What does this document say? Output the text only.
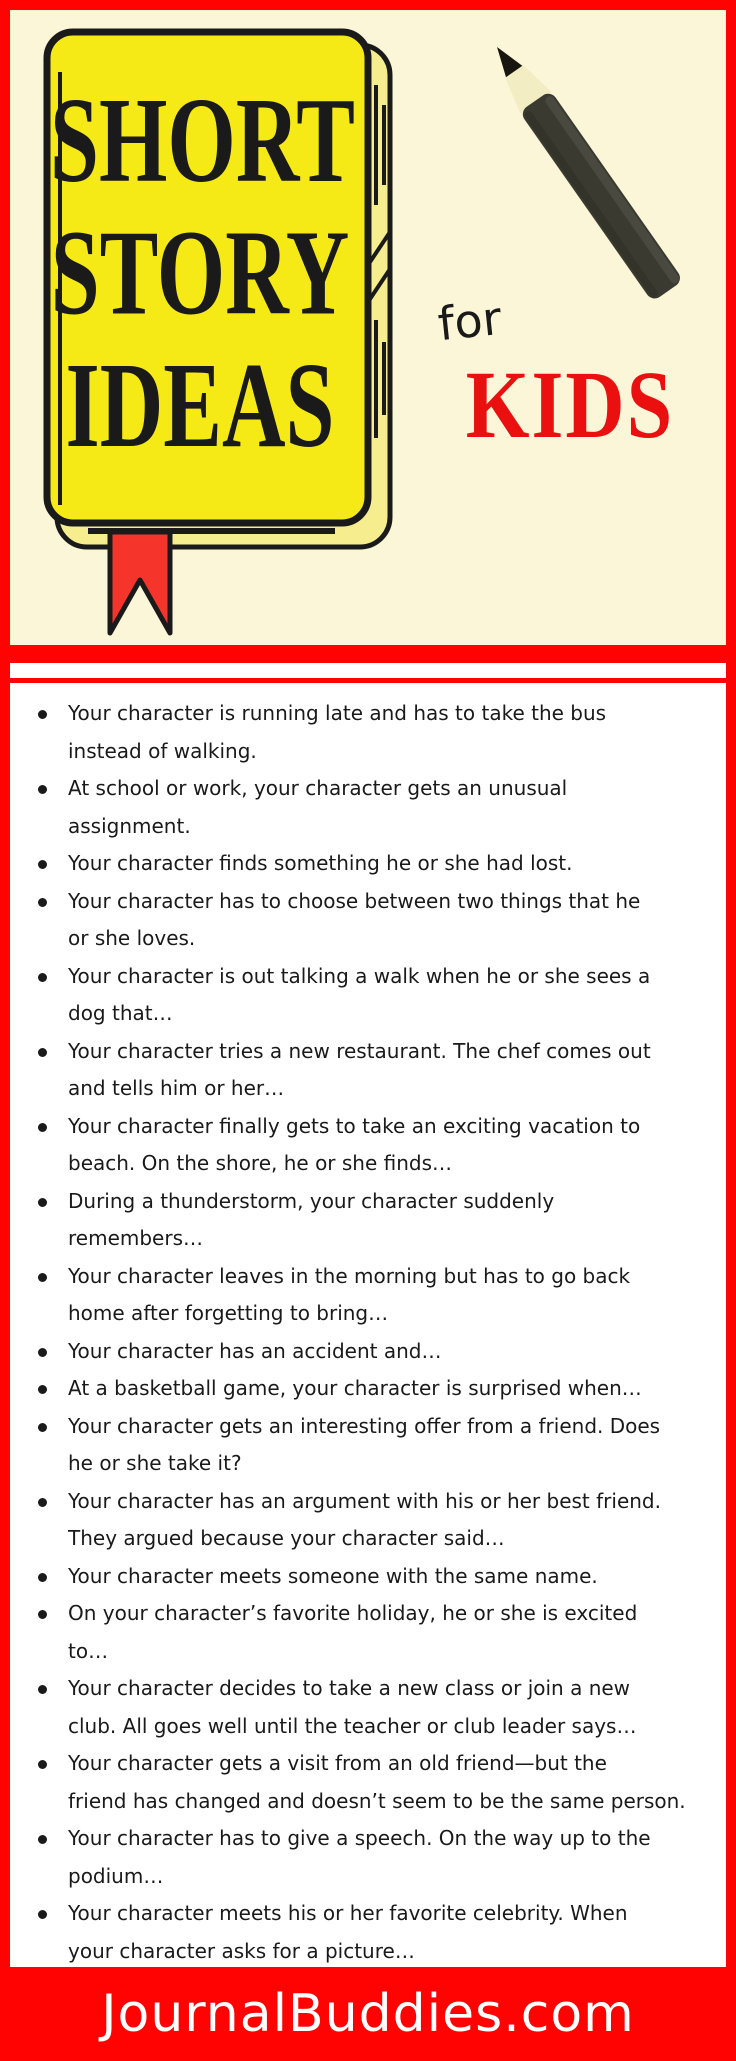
SHORT
STORY
IDEAS
for
KIDS
Your character is running late and has to take the bus
instead of walking.
At school or work, your character gets an unusual
assignment.
Your character finds something he or she had lost.
Your character has to choose between two things that he
or she loves.
Your character is out talking a walk when he or she sees a
dog that…
Your character tries a new restaurant. The chef comes out
and tells him or her…
Your character finally gets to take an exciting vacation to
beach. On the shore, he or she finds…
During a thunderstorm, your character suddenly
remembers…
Your character leaves in the morning but has to go back
home after forgetting to bring…
Your character has an accident and…
At a basketball game, your character is surprised when…
Your character gets an interesting offer from a friend. Does
he or she take it?
Your character has an argument with his or her best friend.
They argued because your character said…
Your character meets someone with the same name.
On your character’s favorite holiday, he or she is excited
to…
Your character decides to take a new class or join a new
club. All goes well until the teacher or club leader says…
Your character gets a visit from an old friend—but the
friend has changed and doesn’t seem to be the same person.
Your character has to give a speech. On the way up to the
podium…
Your character meets his or her favorite celebrity. When
your character asks for a picture…
JournalBuddies.com
